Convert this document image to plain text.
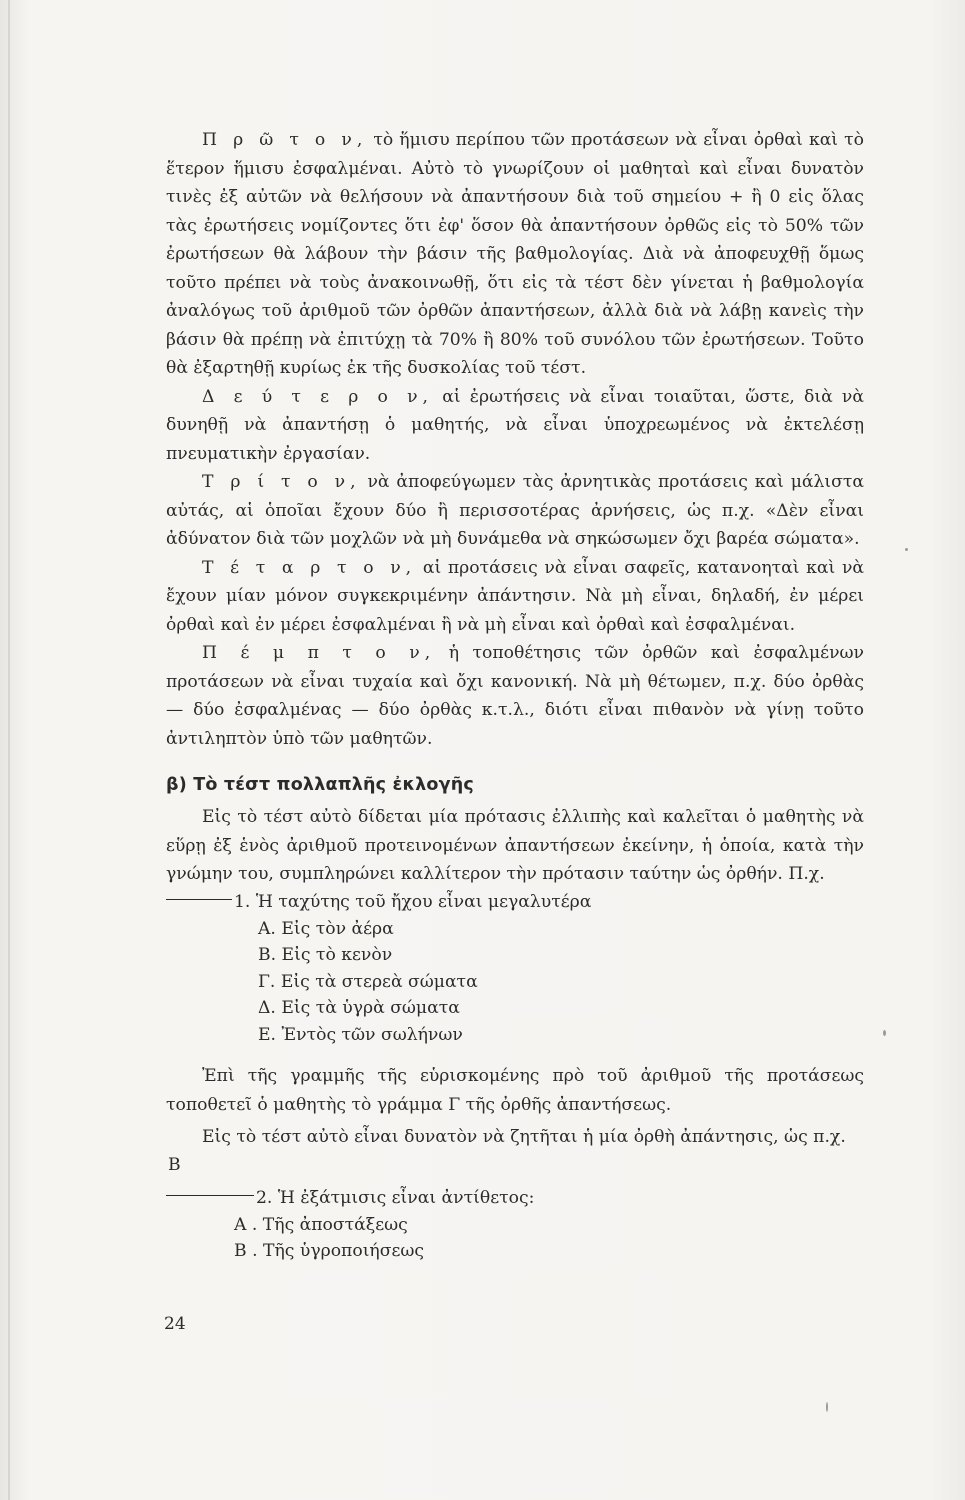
Π ρ ῶ τ ο ν, τὸ ἥμισυ περίπου τῶν προτάσεων νὰ εἶναι ὀρθαὶ καὶ τὸ ἕτερον ἥμισυ ἐσφαλμέναι. Αὐτὸ τὸ γνωρίζουν οἱ μαθηταὶ καὶ εἶναι δυνατὸν τινὲς ἐξ αὐτῶν νὰ θελήσουν νὰ ἀπαντήσουν διὰ τοῦ σημείου + ἢ 0 εἰς ὅλας τὰς ἐρωτήσεις νομίζοντες ὅτι ἐφ' ὅσον θὰ ἀπαντήσουν ὀρθῶς εἰς τὸ 50% τῶν ἐρωτήσεων θὰ λάβουν τὴν βάσιν τῆς βαθμολογίας. Διὰ νὰ ἀποφευχθῇ ὅμως τοῦτο πρέπει νὰ τοὺς ἀνακοινωθῇ, ὅτι εἰς τὰ τέστ δὲν γίνεται ἡ βαθμολογία ἀναλόγως τοῦ ἀριθμοῦ τῶν ὀρθῶν ἀπαντήσεων, ἀλλὰ διὰ νὰ λάβῃ κανεὶς τὴν βάσιν θὰ πρέπῃ νὰ ἐπιτύχῃ τὰ 70% ἢ 80% τοῦ συνόλου τῶν ἐρωτήσεων. Τοῦτο θὰ ἐξαρτηθῇ κυρίως ἐκ τῆς δυσκολίας τοῦ τέστ.

Δ ε ύ τ ε ρ ο ν, αἱ ἐρωτήσεις νὰ εἶναι τοιαῦται, ὥστε, διὰ νὰ δυνηθῇ νὰ ἀπαντήσῃ ὁ μαθητής, νὰ εἶναι ὑποχρεωμένος νὰ ἐκτελέσῃ πνευματικὴν ἐργασίαν.

Τ ρ ί τ ο ν, νὰ ἀποφεύγωμεν τὰς ἀρνητικὰς προτάσεις καὶ μάλιστα αὐτάς, αἱ ὁποῖαι ἔχουν δύο ἢ περισσοτέρας ἀρνήσεις, ὡς π.χ. «Δὲν εἶναι ἀδύνατον διὰ τῶν μοχλῶν νὰ μὴ δυνάμεθα νὰ σηκώσωμεν ὄχι βαρέα σώματα».

Τ έ τ α ρ τ ο ν, αἱ προτάσεις νὰ εἶναι σαφεῖς, κατανοηταὶ καὶ νὰ ἔχουν μίαν μόνον συγκεκριμένην ἀπάντησιν. Νὰ μὴ εἶναι, δηλαδή, ἐν μέρει ὀρθαὶ καὶ ἐν μέρει ἐσφαλμέναι ἢ νὰ μὴ εἶναι καὶ ὀρθαὶ καὶ ἐσφαλμέναι.

Π έ μ π τ ο ν, ἡ τοποθέτησις τῶν ὀρθῶν καὶ ἐσφαλμένων προτάσεων νὰ εἶναι τυχαία καὶ ὄχι κανονική. Νὰ μὴ θέτωμεν, π.χ. δύο ὀρθὰς — δύο ἐσφαλμένας — δύο ὀρθὰς κ.τ.λ., διότι εἶναι πιθανὸν νὰ γίνῃ τοῦτο ἀντιληπτὸν ὑπὸ τῶν μαθητῶν.

β) Τὸ τέστ πολλαπλῆς ἐκλογῆς

Εἰς τὸ τέστ αὐτὸ δίδεται μία πρότασις ἐλλιπὴς καὶ καλεῖται ὁ μαθητὴς νὰ εὕρῃ ἐξ ἑνὸς ἀριθμοῦ προτεινομένων ἀπαντήσεων ἐκείνην, ἡ ὁποία, κατὰ τὴν γνώμην του, συμπληρώνει καλλίτερον τὴν πρότασιν ταύτην ὡς ὀρθήν. Π.χ.

1. Ἡ ταχύτης τοῦ ἤχου εἶναι μεγαλυτέρα

Α. Εἰς τὸν ἀέρα
Β. Εἰς τὸ κενὸν
Γ. Εἰς τὰ στερεὰ σώματα
Δ. Εἰς τὰ ὑγρὰ σώματα
Ε. Ἐντὸς τῶν σωλήνων

Ἐπὶ τῆς γραμμῆς τῆς εὑρισκομένης πρὸ τοῦ ἀριθμοῦ τῆς προτάσεως τοποθετεῖ ὁ μαθητὴς τὸ γράμμα Γ τῆς ὀρθῆς ἀπαντήσεως.

Εἰς τὸ τέστ αὐτὸ εἶναι δυνατὸν νὰ ζητῆται ἡ μία ὀρθὴ ἀπάντησις, ὡς π.χ.

Β

2. Ἡ ἐξάτμισις εἶναι ἀντίθετος:

Α . Τῆς ἀποστάξεως
Β . Τῆς ὑγροποιήσεως
24
